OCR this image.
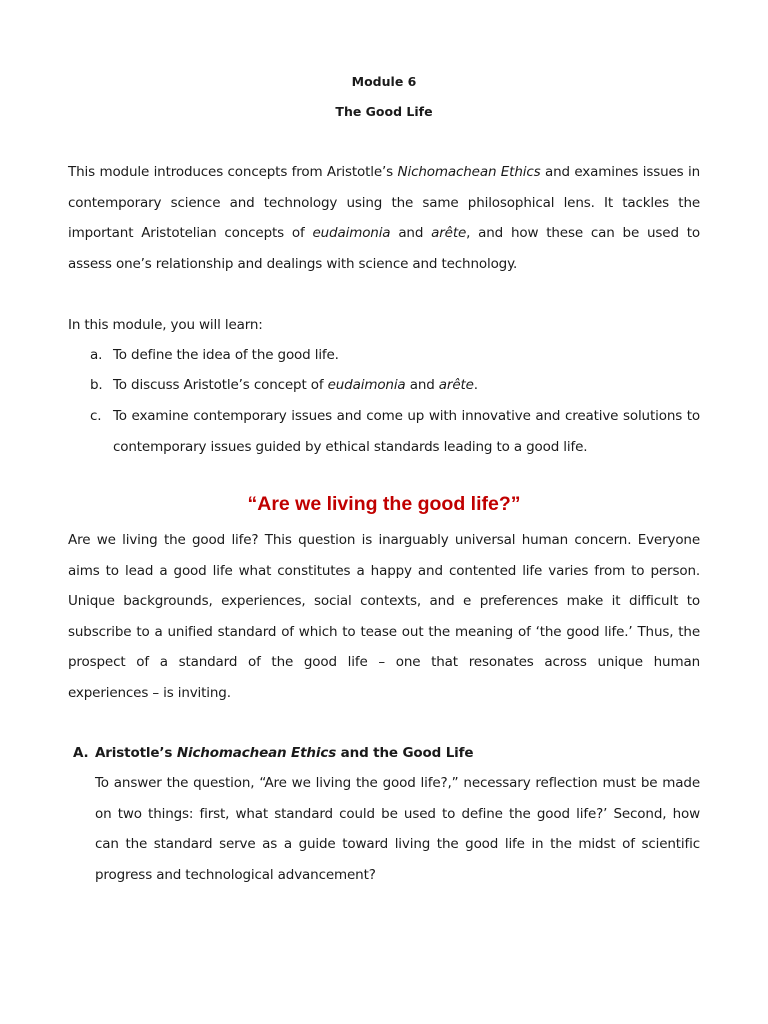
Module 6
The Good Life
This module introduces concepts from Aristotle’s Nichomachean Ethics and examines issues in
contemporary science and technology using the same philosophical lens. It tackles the
important Aristotelian concepts of eudaimonia and arête, and how these can be used to
assess one’s relationship and dealings with science and technology.
In this module, you will learn:
a. To define the idea of the good life.
b. To discuss Aristotle’s concept of eudaimonia and arête.
c. To examine contemporary issues and come up with innovative and creative solutions to
contemporary issues guided by ethical standards leading to a good life.
“Are we living the good life?”
Are we living the good life? This question is inarguably universal human concern. Everyone
aims to lead a good life what constitutes a happy and contented life varies from to person.
Unique backgrounds, experiences, social contexts, and e preferences make it difficult to
subscribe to a unified standard of which to tease out the meaning of ‘the good life.’ Thus, the
prospect of a standard of the good life – one that resonates across unique human
experiences – is inviting.
A. Aristotle’s Nichomachean Ethics and the Good Life
To answer the question, “Are we living the good life?,” necessary reflection must be made
on two things: first, what standard could be used to define the good life?’ Second, how
can the standard serve as a guide toward living the good life in the midst of scientific
progress and technological advancement?
